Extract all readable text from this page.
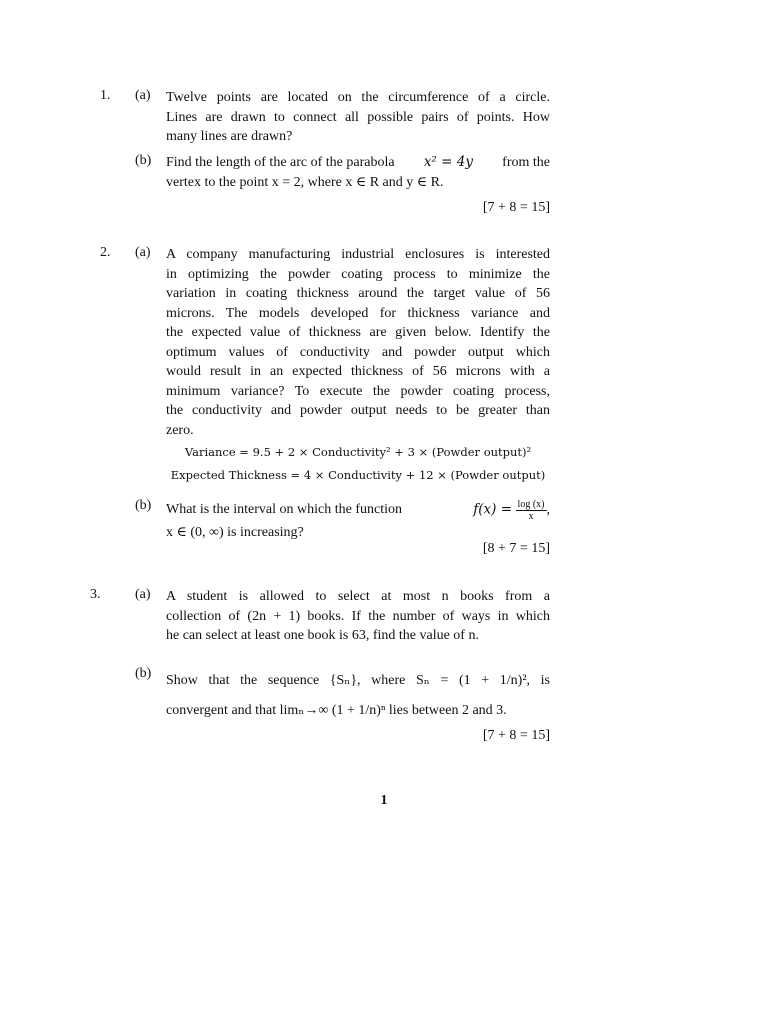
1. (a) Twelve points are located on the circumference of a circle.
Lines are drawn to connect all possible pairs of points. How
many lines are drawn?
(b) Find the length of the arc of the parabola x² = 4y from the
vertex to the point x = 2, where x ∈ R and y ∈ R.
[7 + 8 = 15]
2. (a) A company manufacturing industrial enclosures is interested
in optimizing the powder coating process to minimize the
variation in coating thickness around the target value of 56
microns. The models developed for thickness variance and
the expected value of thickness are given below. Identify the
optimum values of conductivity and powder output which
would result in an expected thickness of 56 microns with a
minimum variance? To execute the powder coating process,
the conductivity and powder output needs to be greater than
zero.
Variance = 9.5 + 2 × Conductivity² + 3 × (Powder output)²
Expected Thickness = 4 × Conductivity + 12 × (Powder output)
(b) What is the interval on which the function	$f(x) = \frac{\log (x)}{x}$ ,
x ∈ (0, ∞) is increasing?
[8 + 7 = 15]
3. (a) A student is allowed to select at most n books from a
collection of (2n + 1) books. If the number of ways in which
he can select at least one book is 63, find the value of n.
(b) Show that the sequence {Sₙ}, where Sₙ = (1 + 1/n)², is
convergent and that limₙ→∞ (1 + 1/n)ⁿ lies between 2 and 3.
[7 + 8 = 15]
1
